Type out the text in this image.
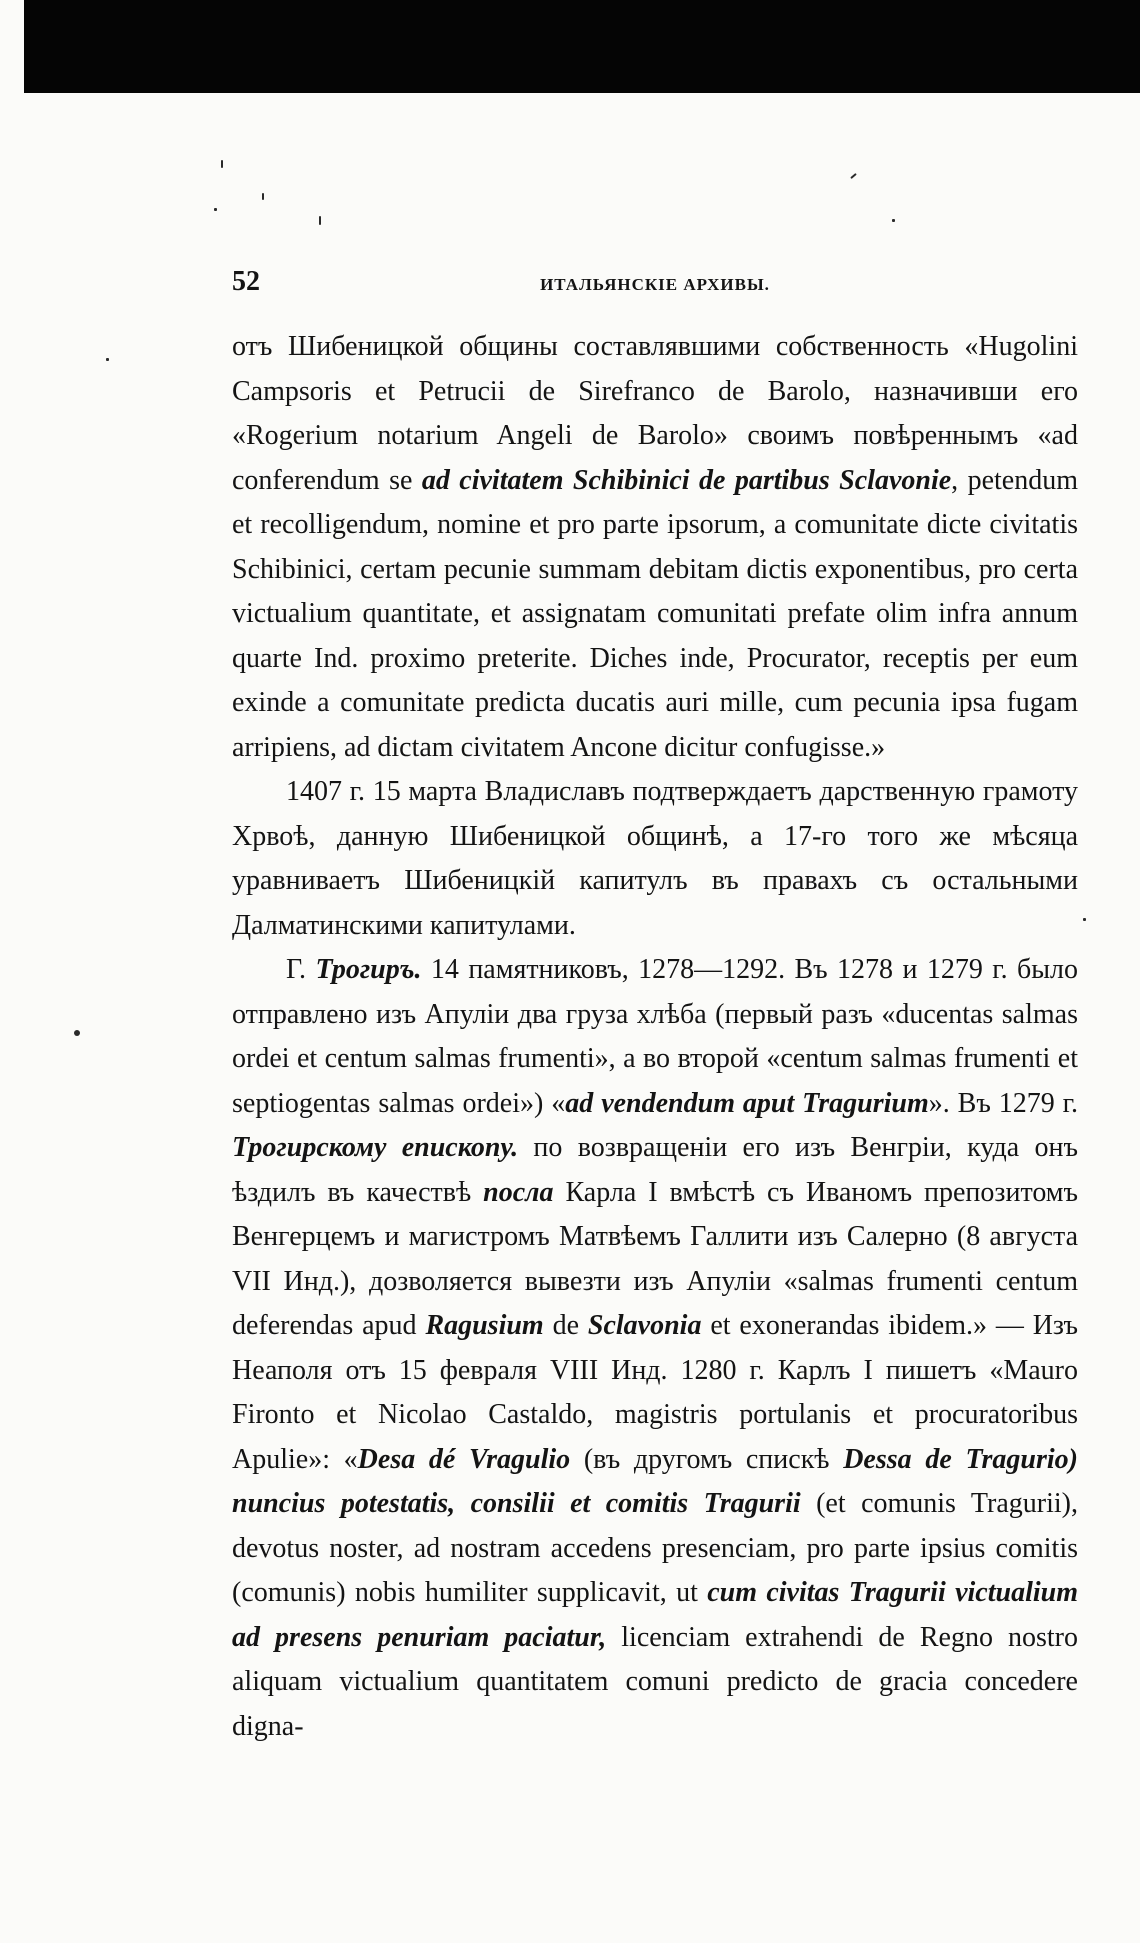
52	ИТАЛЬЯНСКІЕ АРХИВЫ.

отъ Шибеницкой общины составлявшими собственность «Hugolini Campsoris et Petrucii de Sirefranco de Barolo, назначивши его «Rogerium notarium Angeli de Barolo» своимъ повѣреннымъ «ad conferendum se ad civitatem Schibinici de partibus Sclavonie, petendum et recolligendum, nomine et pro parte ipsorum, a comunitate dicte civitatis Schibinici, certam pecunie summam debitam dictis exponentibus, pro certa victualium quantitate, et assignatam comunitati prefate olim infra annum quarte Ind. proximo preterite. Diches inde, Procurator, receptis per eum exinde a comunitate predicta ducatis auri mille, cum pecunia ipsa fugam arripiens, ad dictam civitatem Ancone dicitur confugisse.»

1407 г. 15 марта Владиславъ подтверждаетъ дарственную грамоту Хрвоѣ, данную Шибеницкой общинѣ, а 17-го того же мѣсяца уравниваетъ Шибеницкій капитулъ въ правахъ съ остальными Далматинскими капитулами.

Г. Трогиръ. 14 памятниковъ, 1278—1292. Въ 1278 и 1279 г. было отправлено изъ Апуліи два груза хлѣба (первый разъ «ducentas salmas ordei et centum salmas frumenti», а во второй «centum salmas frumenti et septiogentas salmas ordei») «ad vendendum aput Tragurium». Въ 1279 г. Трогирскому епископу. по возвращеніи его изъ Венгріи, куда онъ ѣздилъ въ качествѣ посла Карла I вмѣстѣ съ Иваномъ препозитомъ Венгерцемъ и магистромъ Матвѣемъ Галлити изъ Салерно (8 августа VII Инд.), дозволяется вывезти изъ Апуліи «salmas frumenti centum deferendas apud Ragusium de Sclavonia et exonerandas ibidem.» — Изъ Неаполя отъ 15 февраля VIII Инд. 1280 г. Карлъ I пишетъ «Mauro Fironto et Nicolao Castaldo, magistris portulanis et procuratoribus Apulie»: «Desa dé Vragulio (въ другомъ спискѣ Dessa de Tragurio) nuncius potestatis, consilii et comitis Tragurii (et comunis Tragurii), devotus noster, ad nostram accedens presenciam, pro parte ipsius comitis (comunis) nobis humiliter supplicavit, ut cum civitas Tragurii victualium ad presens penuriam paciatur, licenciam extrahendi de Regno nostro aliquam victualium quantitatem comuni predicto de gracia concedere digna-
